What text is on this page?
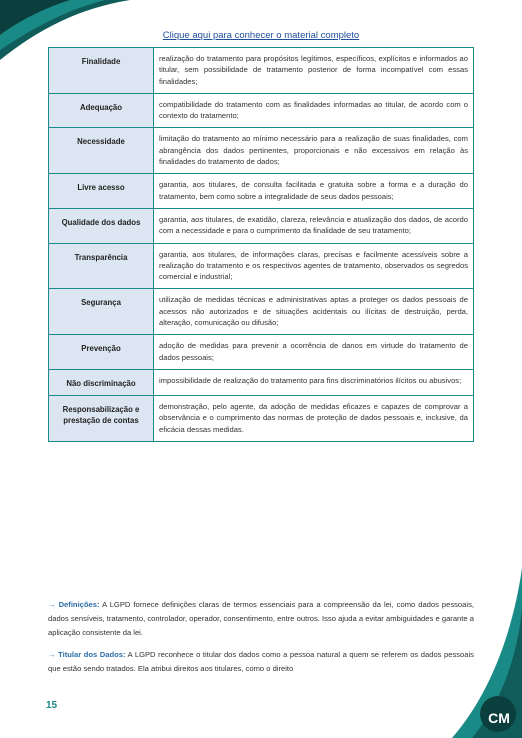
CM
Clique aqui para conhecer o material completo
Finalidade	realização do tratamento para propósitos legítimos, específicos, explícitos e informados ao titular, sem possibilidade de tratamento posterior de forma incompatível com essas finalidades;
Adequação	compatibilidade do tratamento com as finalidades informadas ao titular, de acordo com o contexto do tratamento;
Necessidade	limitação do tratamento ao mínimo necessário para a realização de suas finalidades, com abrangência dos dados pertinentes, proporcionais e não excessivos em relação às finalidades do tratamento de dados;
Livre acesso	garantia, aos titulares, de consulta facilitada e gratuita sobre a forma e a duração do tratamento, bem como sobre a integralidade de seus dados pessoais;
Qualidade dos dados	garantia, aos titulares, de exatidão, clareza, relevância e atualização dos dados, de acordo com a necessidade e para o cumprimento da finalidade de seu tratamento;
Transparência	garantia, aos titulares, de informações claras, precisas e facilmente acessíveis sobre a realização do tratamento e os respectivos agentes de tratamento, observados os segredos comercial e industrial;
Segurança	utilização de medidas técnicas e administrativas aptas a proteger os dados pessoais de acessos não autorizados e de situações acidentais ou ilícitas de destruição, perda, alteração, comunicação ou difusão;
Prevenção	adoção de medidas para prevenir a ocorrência de danos em virtude do tratamento de dados pessoais;
Não discriminação	impossibilidade de realização do tratamento para fins discriminatórios ilícitos ou abusivos;
Responsabilização e prestação de contas	demonstração, pelo agente, da adoção de medidas eficazes e capazes de comprovar a observância e o cumprimento das normas de proteção de dados pessoais e, inclusive, da eficácia dessas medidas.
→ Definições: A LGPD fornece definições claras de termos essenciais para a compreensão da lei, como dados pessoais, dados sensíveis, tratamento, controlador, operador, consentimento, entre outros. Isso ajuda a evitar ambiguidades e garante a aplicação consistente da lei.
→ Titular dos Dados: A LGPD reconhece o titular dos dados como a pessoa natural a quem se referem os dados pessoais que estão sendo tratados. Ela atribui direitos aos titulares, como o direito
15
